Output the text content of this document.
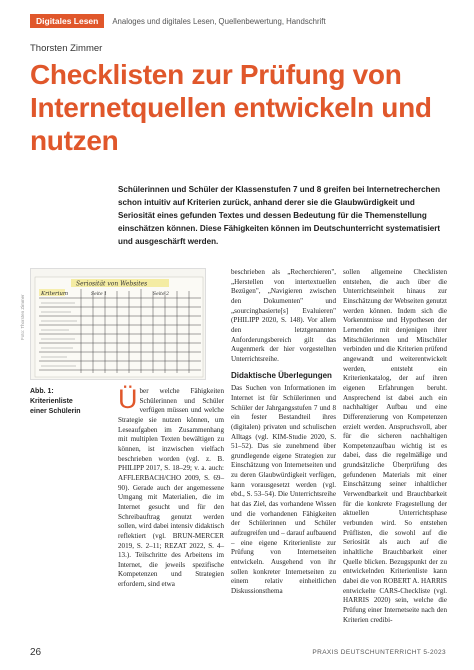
Digitales Lesen	Analoges und digitales Lesen, Quellenbewertung, Handschrift
Thorsten Zimmer
Checklisten zur Prüfung von Internetquellen entwickeln und nutzen
Schülerinnen und Schüler der Klassenstufen 7 und 8 greifen bei Internetrecherchen schon intuitiv auf Kriterien zurück, anhand derer sie die Glaubwürdigkeit und Seriosität eines gefunden Textes und dessen Bedeutung für die Themenstellung einschätzen können. Diese Fähigkeiten können im Deutschunterricht systematisiert und ausgeschärft werden.
Foto: Thorsten Zimmer
Seriosität von Websites
Kriterium	Seite 1	Seite 2
Abb. 1: Kriterienliste einer Schülerin	Über welche Fähigkeiten Schülerinnen und Schüler verfügen müssen und welche Strategie sie nutzen können, um Leseaufgaben im Zusammenhang mit multiplen Texten bewältigen zu können, ist inzwischen vielfach beschrieben worden (vgl. z. B. PHILIPP 2017, S. 18–29; v. a. auch: AFFLERBACH/CHO 2009, S. 69–90). Gerade auch der angemessene Umgang mit Materialien, die im Internet gesucht und für den Schreibauftrag genutzt werden sollen, wird dabei intensiv didaktisch reflektiert (vgl. BRUN-MERCER 2019, S. 2–11; REZAT 2022, S. 4–13.). Teilschritte des Arbeitens im Internet, die jeweils spezifische Kompetenzen und Strategien erfordern, sind etwa

beschrieben als „Recherchieren", „Herstellen von intertextuellen Bezügen", „Navigieren zwischen den Dokumenten" und „sourcingbasierte[s] Evaluieren" (PHILIPP 2020, S. 148). Vor allem den letztgenannten Anforderungsbereich gilt das Augenmerk der hier vorgestellten Unterrichtsreihe.

Didaktische Überlegungen

Das Suchen von Informationen im Internet ist für Schülerinnen und Schüler der Jahrgangsstufen 7 und 8 ein fester Bestandteil ihres (digitalen) privaten und schulischen Alltags (vgl. KIM-Studie 2020, S. 51–52). Das sie zunehmend über grundlegende eigene Strategien zur Einschätzung von Internetseiten und zu deren Glaubwürdigkeit verfügen, kann vorausgesetzt werden (vgl. ebd., S. 53–54). Die Unterrichtsreihe hat das Ziel, das vorhandene Wissen und die vorhandenen Fähigkeiten der Schülerinnen und Schüler aufzugreifen und – darauf aufbauend – eine eigene Kriterienliste zur Prüfung von Internetseiten entwickeln. Ausgehend von ihr sollen konkreter Internetseiten zu einem relativ einheitlichen Diskussionsthema

sollen allgemeine Checklisten entstehen, die auch über die Unterrichtseinheit hinaus zur Einschätzung der Webseiten genutzt werden können. Indem sich die Vorkenntnisse und Hypothesen der Lernenden mit denjenigen ihrer Mitschülerinnen und Mitschüler verbinden und die Kriterien prüfend angewandt und weiterentwickelt werden, entsteht ein Kriterienkatalog, der auf ihren eigenen Erfahrungen beruht. Ansprechend ist dabei auch ein nachhaltiger Aufbau und eine Differenzierung von Kompetenzen erzielt werden. Anspruchsvoll, aber für die sicheren nachhaltigen Kompetenzaufbau wichtig ist es dabei, dass die regelmäßige und grundsätzliche Überprüfung des gefundenen Materials mit einer Einschätzung seiner inhaltlicher Verwendbarkeit und Brauchbarkeit für die konkrete Fragestellung der aktuellen Unterrichtsphase verbunden wird. So entstehen Prüflisten, die sowohl auf die Seriosität als auch auf die inhaltliche Brauchbarkeit einer Quelle blicken. Bezugspunkt der zu entwickelnden Kriterienliste kann dabei die von ROBERT A. HARRIS entwickelte CARS-Checkliste (vgl. HARRIS 2020) sein, welche die Prüfung einer Internetseite nach den Kriterien credibi-

26	PRAXIS DEUTSCHUNTERRICHT 5-2023
